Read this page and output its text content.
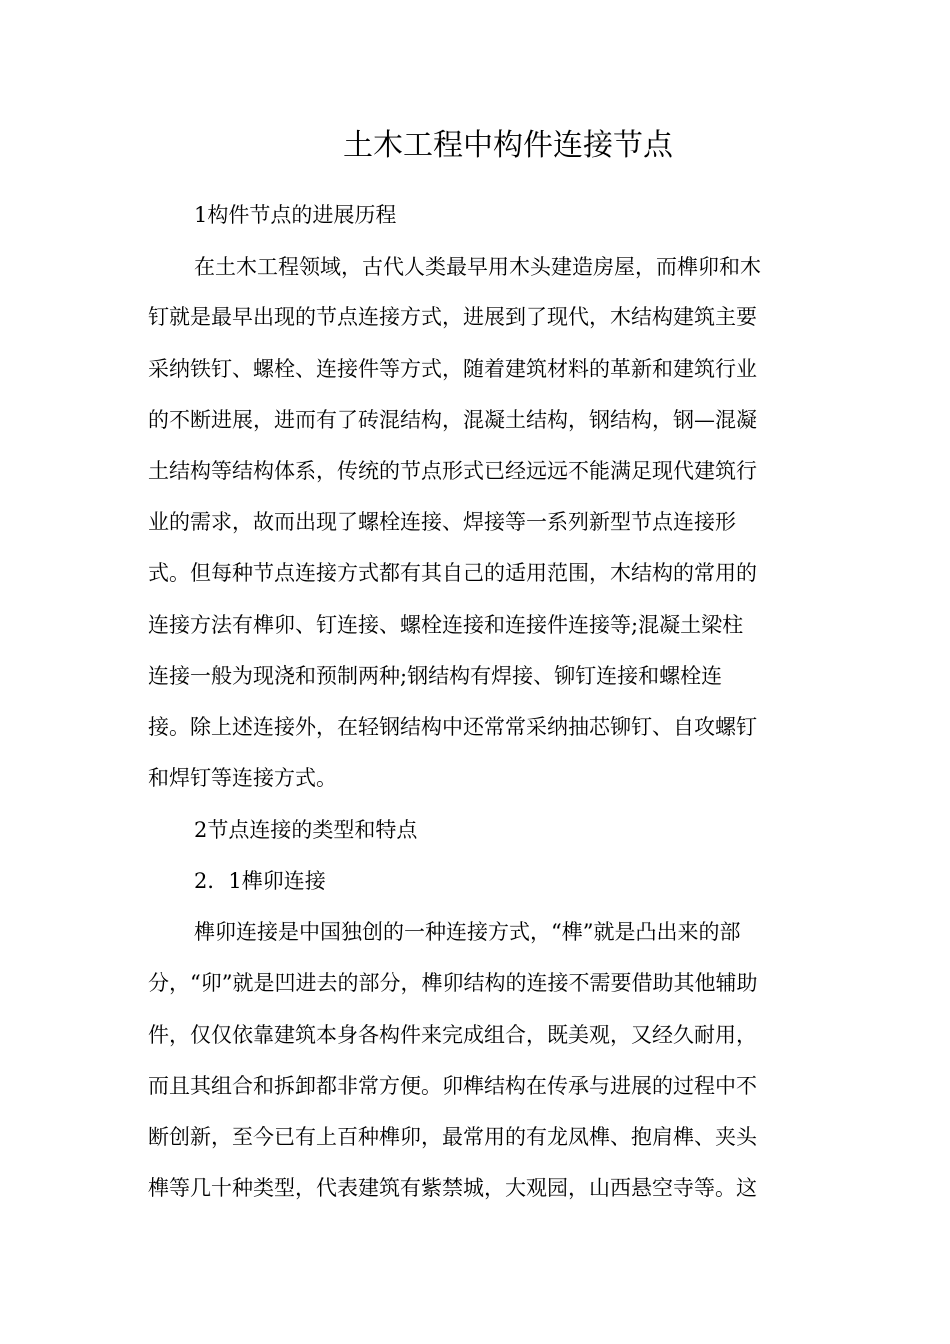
土木工程中构件连接节点
1构件节点的进展历程
在土木工程领域，古代人类最早用木头建造房屋，而榫卯和木
钉就是最早出现的节点连接方式，进展到了现代，木结构建筑主要
采纳铁钉、螺栓、连接件等方式，随着建筑材料的革新和建筑行业
的不断进展，进而有了砖混结构，混凝土结构，钢结构，钢—混凝
土结构等结构体系，传统的节点形式已经远远不能满足现代建筑行
业的需求，故而出现了螺栓连接、焊接等一系列新型节点连接形
式。但每种节点连接方式都有其自己的适用范围，木结构的常用的
连接方法有榫卯、钉连接、螺栓连接和连接件连接等;混凝土梁柱
连接一般为现浇和预制两种;钢结构有焊接、铆钉连接和螺栓连
接。除上述连接外，在轻钢结构中还常常采纳抽芯铆钉、自攻螺钉
和焊钉等连接方式。
2节点连接的类型和特点
2．1榫卯连接
榫卯连接是中国独创的一种连接方式，“榫”就是凸出来的部
分，“卯”就是凹进去的部分，榫卯结构的连接不需要借助其他辅助
件，仅仅依靠建筑本身各构件来完成组合，既美观，又经久耐用，
而且其组合和拆卸都非常方便。卯榫结构在传承与进展的过程中不
断创新，至今已有上百种榫卯，最常用的有龙凤榫、抱肩榫、夹头
榫等几十种类型，代表建筑有紫禁城，大观园，山西悬空寺等。这
